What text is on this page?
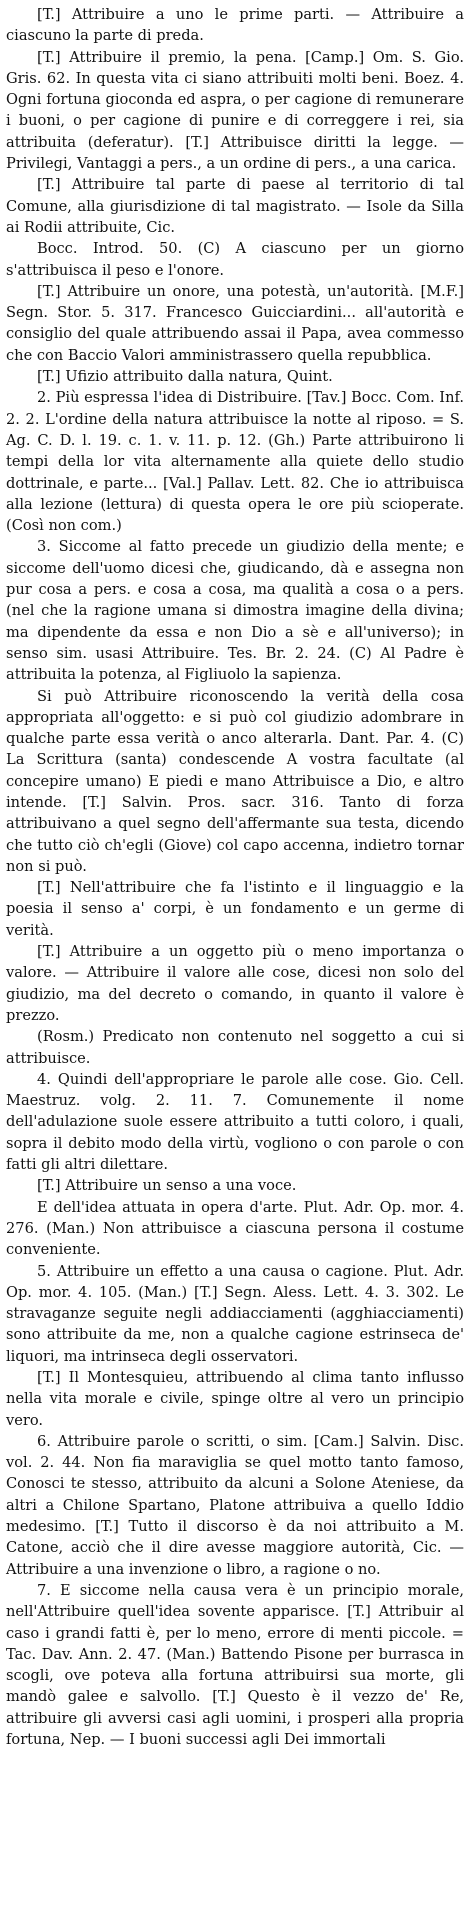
[T.] Attribuire a uno le prime parti. — Attribuire a ciascuno la parte di preda.

[T.] Attribuire il premio, la pena. [Camp.] Om. S. Gio. Gris. 62. In questa vita ci siano attribuiti molti beni. Boez. 4. Ogni fortuna gioconda ed aspra, o per cagione di remunerare i buoni, o per cagione di punire e di correggere i rei, sia attribuita (deferatur). [T.] Attribuisce diritti la legge. — Privilegi, Vantaggi a pers., a un ordine di pers., a una carica.

[T.] Attribuire tal parte di paese al territorio di tal Comune, alla giurisdizione di tal magistrato. — Isole da Silla ai Rodii attribuite, Cic.

Bocc. Introd. 50. (C) A ciascuno per un giorno s'attribuisca il peso e l'onore.

[T.] Attribuire un onore, una potestà, un'autorità. [M.F.] Segn. Stor. 5. 317. Francesco Guicciardini... all'autorità e consiglio del quale attribuendo assai il Papa, avea commesso che con Baccio Valori amministrassero quella repubblica.

[T.] Ufizio attribuito dalla natura, Quint.

2. Più espressa l'idea di Distribuire. [Tav.] Bocc. Com. Inf. 2. 2. L'ordine della natura attribuisce la notte al riposo. = S. Ag. C. D. l. 19. c. 1. v. 11. p. 12. (Gh.) Parte attribuirono li tempi della lor vita alternamente alla quiete dello studio dottrinale, e parte... [Val.] Pallav. Lett. 82. Che io attribuisca alla lezione (lettura) di questa opera le ore più scioperate. (Così non com.)

3. Siccome al fatto precede un giudizio della mente; e siccome dell'uomo dicesi che, giudicando, dà e assegna non pur cosa a pers. e cosa a cosa, ma qualità a cosa o a pers. (nel che la ragione umana si dimostra imagine della divina; ma dipendente da essa e non Dio a sè e all'universo); in senso sim. usasi Attribuire. Tes. Br. 2. 24. (C) Al Padre è attribuita la potenza, al Figliuolo la sapienza.

Si può Attribuire riconoscendo la verità della cosa appropriata all'oggetto: e si può col giudizio adombrare in qualche parte essa verità o anco alterarla. Dant. Par. 4. (C) La Scrittura (santa) condescende A vostra facultate (al concepire umano) E piedi e mano Attribuisce a Dio, e altro intende. [T.] Salvin. Pros. sacr. 316. Tanto di forza attribuivano a quel segno dell'affermante sua testa, dicendo che tutto ciò ch'egli (Giove) col capo accenna, indietro tornar non si può.

[T.] Nell'attribuire che fa l'istinto e il linguaggio e la poesia il senso a' corpi, è un fondamento e un germe di verità.

[T.] Attribuire a un oggetto più o meno importanza o valore. — Attribuire il valore alle cose, dicesi non solo del giudizio, ma del decreto o comando, in quanto il valore è prezzo.

(Rosm.) Predicato non contenuto nel soggetto a cui si attribuisce.

4. Quindi dell'appropriare le parole alle cose. Gio. Cell. Maestruz. volg. 2. 11. 7. Comunemente il nome dell'adulazione suole essere attribuito a tutti coloro, i quali, sopra il debito modo della virtù, vogliono o con parole o con fatti gli altri dilettare.

[T.] Attribuire un senso a una voce.

E dell'idea attuata in opera d'arte. Plut. Adr. Op. mor. 4. 276. (Man.) Non attribuisce a ciascuna persona il costume conveniente.

5. Attribuire un effetto a una causa o cagione. Plut. Adr. Op. mor. 4. 105. (Man.) [T.] Segn. Aless. Lett. 4. 3. 302. Le stravaganze seguite negli addiacciamenti (agghiacciamenti) sono attribuite da me, non a qualche cagione estrinseca de' liquori, ma intrinseca degli osservatori.

[T.] Il Montesquieu, attribuendo al clima tanto influsso nella vita morale e civile, spinge oltre al vero un principio vero.

6. Attribuire parole o scritti, o sim. [Cam.] Salvin. Disc. vol. 2. 44. Non fia maraviglia se quel motto tanto famoso, Conosci te stesso, attribuito da alcuni a Solone Ateniese, da altri a Chilone Spartano, Platone attribuiva a quello Iddio medesimo. [T.] Tutto il discorso è da noi attribuito a M. Catone, acciò che il dire avesse maggiore autorità, Cic. — Attribuire a una invenzione o libro, a ragione o no.

7. E siccome nella causa vera è un principio morale, nell'Attribuire quell'idea sovente apparisce. [T.] Attribuir al caso i grandi fatti è, per lo meno, errore di menti piccole. = Tac. Dav. Ann. 2. 47. (Man.) Battendo Pisone per burrasca in scogli, ove poteva alla fortuna attribuirsi sua morte, gli mandò galee e salvollo. [T.] Questo è il vezzo de' Re, attribuire gli avversi casi agli uomini, i prosperi alla propria fortuna, Nep. — I buoni successi agli Dei immortali
